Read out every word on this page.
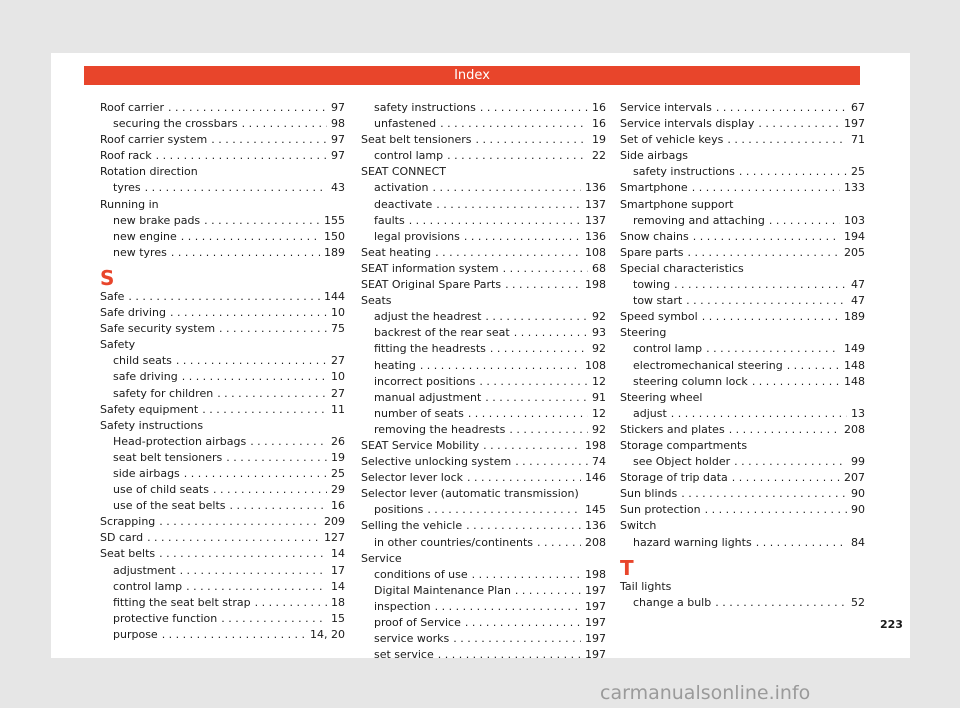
Index
Roof carrier . . .	97
securing the crossbars . . .	98
Roof carrier system . . .	97
Roof rack . . .	97
Rotation direction
tyres . . .	43
Running in
new brake pads . . .	155
new engine . . .	150
new tyres . . .	189
S
Safe . . .	144
Safe driving . . .	10
Safe security system . . .	75
Safety
child seats . . .	27
safe driving . . .	10
safety for children . . .	27
Safety equipment . . .	11
Safety instructions
Head-protection airbags . . .	26
seat belt tensioners . . .	19
side airbags . . .	25
use of child seats . . .	29
use of the seat belts . . .	16
Scrapping . . .	209
SD card . . .	127
Seat belts . . .	14
adjustment . . .	17
control lamp . . .	14
fitting the seat belt strap . . .	18
protective function . . .	15
purpose . . .	14, 20
safety instructions . . .	16
unfastened . . .	16
Seat belt tensioners . . .	19
control lamp . . .	22
SEAT CONNECT
activation . . .	136
deactivate . . .	137
faults . . .	137
legal provisions . . .	136
Seat heating . . .	108
SEAT information system . . .	68
SEAT Original Spare Parts . . .	198
Seats
adjust the headrest . . .	92
backrest of the rear seat . . .	93
fitting the headrests . . .	92
heating . . .	108
incorrect positions . . .	12
manual adjustment . . .	91
number of seats . . .	12
removing the headrests . . .	92
SEAT Service Mobility . . .	198
Selective unlocking system . . .	74
Selector lever lock . . .	146
Selector lever (automatic transmission)
positions . . .	145
Selling the vehicle . . .	136
in other countries/continents . . .	208
Service
conditions of use . . .	198
Digital Maintenance Plan . . .	197
inspection . . .	197
proof of Service . . .	197
service works . . .	197
set service . . .	197
Service intervals . . .	67
Service intervals display . . .	197
Set of vehicle keys . . .	71
Side airbags
safety instructions . . .	25
Smartphone . . .	133
Smartphone support
removing and attaching . . .	103
Snow chains . . .	194
Spare parts . . .	205
Special characteristics
towing . . .	47
tow start . . .	47
Speed symbol . . .	189
Steering
control lamp . . .	149
electromechanical steering . . .	148
steering column lock . . .	148
Steering wheel
adjust . . .	13
Stickers and plates . . .	208
Storage compartments
see Object holder . . .	99
Storage of trip data . . .	207
Sun blinds . . .	90
Sun protection . . .	90
Switch
hazard warning lights . . .	84
T
Tail lights
change a bulb . . .	52
223
carmanualsonline.info
